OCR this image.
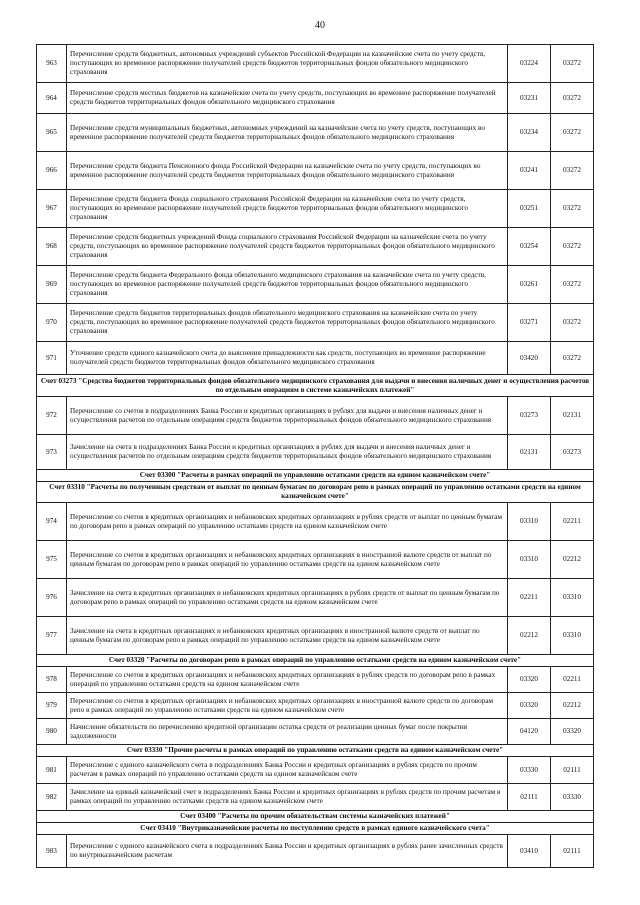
40
963	Перечисление средств бюджетных, автономных учреждений субъектов Российской Федерации на казначейские счета по учету средств, поступающих во временное распоряжение получателей средств бюджетов территориальных фондов обязательного медицинского страхования	03224	03272
964	Перечисление средств местных бюджетов на казначейские счета по учету средств, поступающих во временное распоряжение получателей средств бюджетов территориальных фондов обязательного медицинского страхования	03231	03272
965	Перечисление средств муниципальных бюджетных, автономных учреждений на казначейские счета по учету средств, поступающих во временное распоряжение получателей средств бюджетов территориальных фондов обязательного медицинского страхования	03234	03272
966	Перечисление средств бюджета Пенсионного фонда Российской Федерации на казначейские счета по учету средств, поступающих во временное распоряжение получателей средств бюджетов территориальных фондов обязательного медицинского страхования	03241	03272
967	Перечисление средств бюджета Фонда социального страхования Российской Федерации на казначейские счета по учету средств, поступающих во временное распоряжение получателей средств бюджетов территориальных фондов обязательного медицинского страхования	03251	03272
968	Перечисление средств бюджетных учреждений Фонда социального страхования Российской Федерации на казначейские счета по учету средств, поступающих во временное распоряжение получателей средств бюджетов территориальных фондов обязательного медицинского страхования	03254	03272
969	Перечисление средств бюджета Федерального фонда обязательного медицинского страхования на казначейские счета по учету средств, поступающих во временное распоряжение получателей средств бюджетов территориальных фондов обязательного медицинского страхования	03261	03272
970	Перечисление средств бюджетов территориальных фондов обязательного медицинского страхования на казначейские счета по учету средств, поступающих во временное распоряжение получателей средств бюджетов территориальных фондов обязательного медицинского страхования	03271	03272
971	Уточнение средств единого казначейского счета до выяснения принадлежности как средств, поступающих во временное распоряжение получателей средств бюджетов территориальных фондов обязательного медицинского страхования	03420	03272
Счет 03273 "Средства бюджетов территориальных фондов обязательного медицинского страхования для выдачи и внесения наличных денег и осуществления расчетов по отдельным операциям в системе казначейских платежей"			
972	Перечисление со счетов в подразделениях Банка России и кредитных организациях в рублях для выдачи и внесения наличных денег и осуществления расчетов по отдельным операциям средств бюджетов территориальных фондов обязательного медицинского страхования	03273	02131
973	Зачисление на счета в подразделениях Банка России и кредитных организациях в рублях для выдачи и внесения наличных денег и осуществления расчетов по отдельным операциям средств бюджетов территориальных фондов обязательного медицинского страхования	02131	03273
Счет 03300 "Расчеты в рамках операций по управлению остатками средств на едином казначейском счете"			
Счет 03310 "Расчеты по полученным средствам от выплат по ценным бумагам по договорам репо в рамках операций по управлению остатками средств на едином казначейском счете"			
974	Перечисление со счетов в кредитных организациях и небанковских кредитных организациях в рублях средств от выплат по ценным бумагам по договорам репо в рамках операций по управлению остатками средств на едином казначейском счете	03310	02211
975	Перечисление со счетов в кредитных организациях и небанковских кредитных организациях в иностранной валюте средств от выплат по ценным бумагам по договорам репо в рамках операций по управлению остатками средств на едином казначейском счете	03310	02212
976	Зачисление на счета в кредитных организациях и небанковских кредитных организациях в рублях средств от выплат по ценным бумагам по договорам репо в рамках операций по управлению остатками средств на едином казначейском счете	02211	03310
977	Зачисление на счета в кредитных организациях и небанковских кредитных организациях в иностранной валюте средств от выплат по ценным бумагам по договорам репо в рамках операций по управлению остатками средств на едином казначейском счете	02212	03310
Счет 03320 "Расчеты по договорам репо в рамках операций по управлению остатками средств на едином казначейском счете"			
978	Перечисление со счетов в кредитных организациях и небанковских кредитных организациях в рублях средств по договорам репо в рамках операций по управлению остатками средств на едином казначейском счете	03320	02211
979	Перечисление со счетов в кредитных организациях и небанковских кредитных организациях в иностранной валюте средств по договорам репо в рамках операций по управлению остатками средств на едином казначейском счете	03320	02212
980	Начисление обязательств по перечислению кредитной организации остатка средств от реализации ценных бумаг после покрытия задолженности	04120	03320
Счет 03330 "Прочие расчеты в рамках операций по управлению остатками средств на едином казначейском счете"			
981	Перечисление с единого казначейского счета в подразделениях Банка России и кредитных организациях в рублях средств по прочим расчетам в рамках операций по управлению остатками средств на едином казначейском счете	03330	02111
982	Зачисление на единый казначейский счет в подразделениях Банка России и кредитных организациях в рублях средств по прочим расчетам в рамках операций по управлению остатками средств на едином казначейском счете	02111	03330
Счет 03400 "Расчеты по прочим обязательствам системы казначейских платежей"			
Счет 03410 "Внутриказначейские расчеты по поступлению средств в рамках единого казначейского счета"			
983	Перечисление с единого казначейского счета в подразделениях Банка России и кредитных организациях в рублях ранее зачисленных средств по внутриказначейским расчетам	03410	02111
